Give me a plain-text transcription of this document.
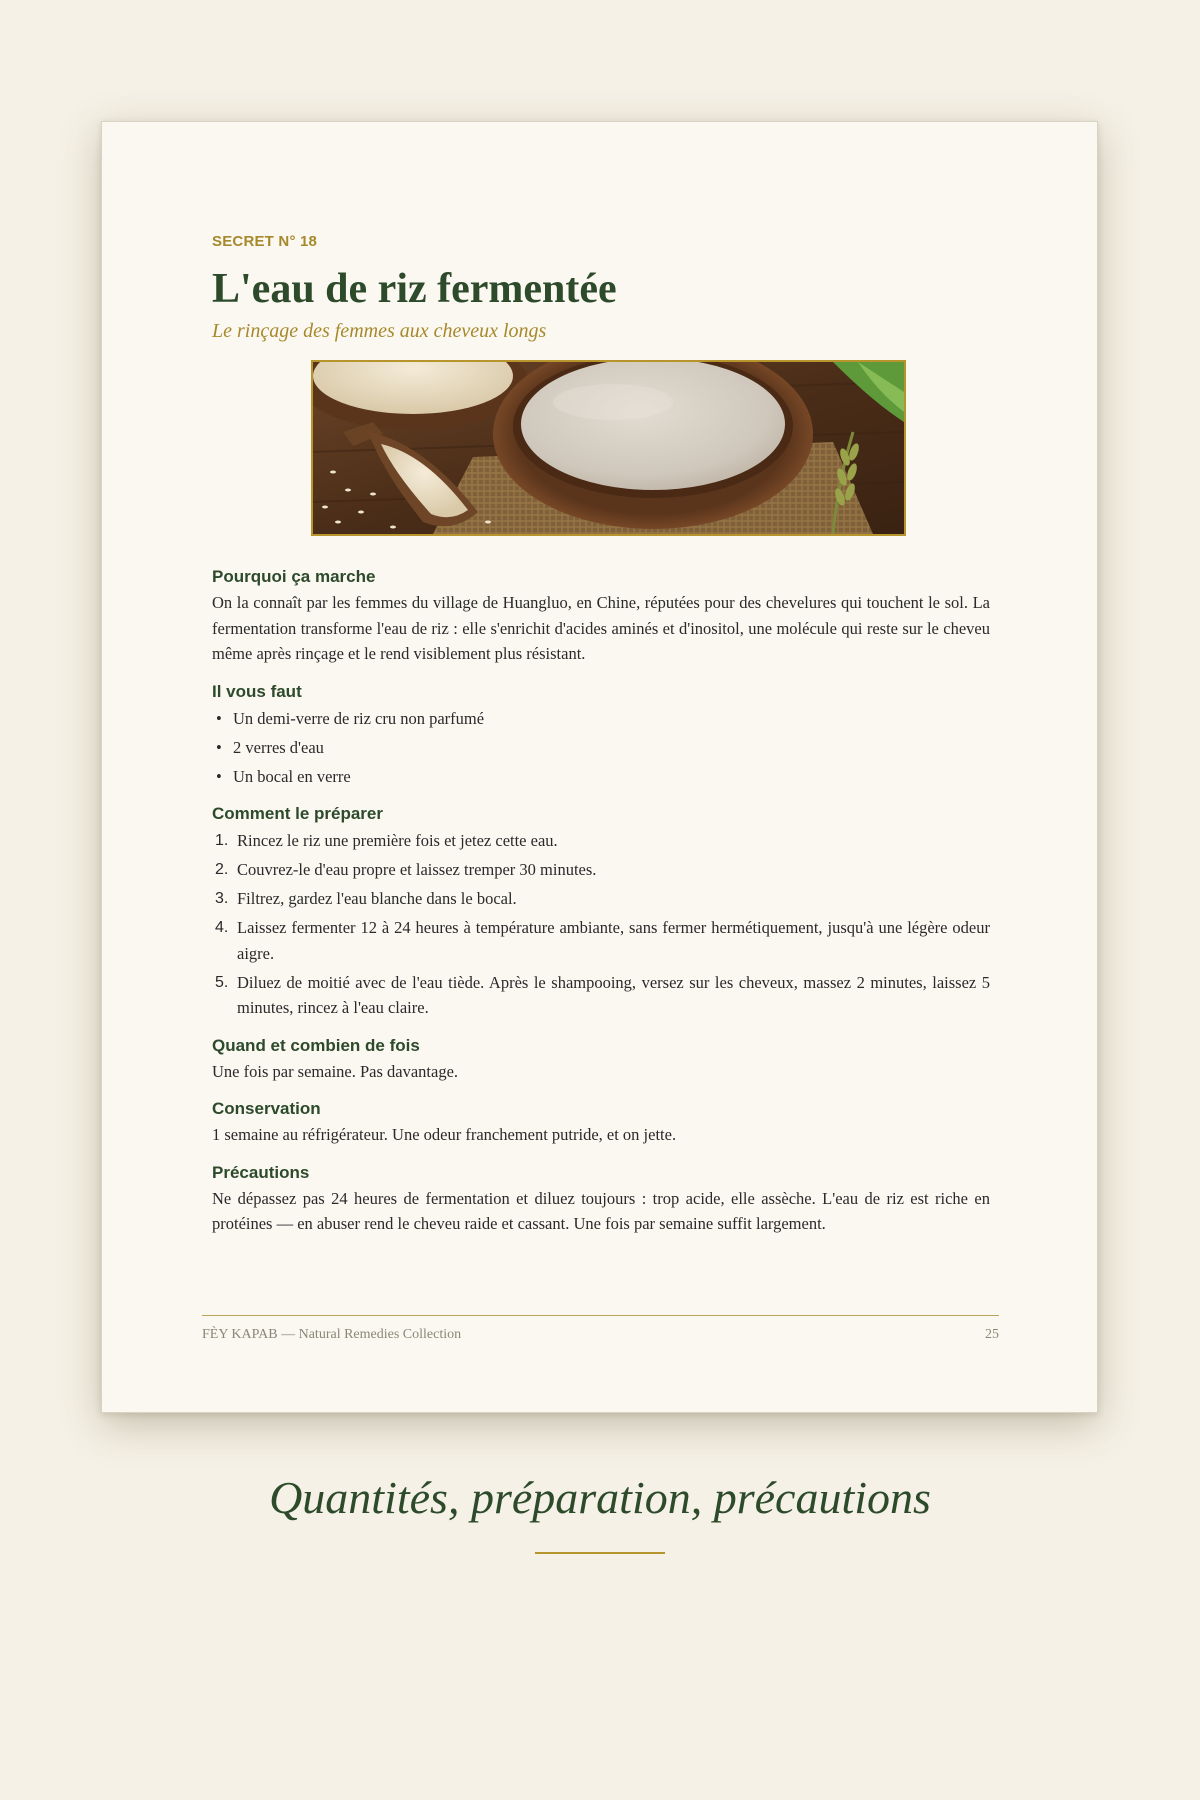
SECRET N° 18

L'eau de riz fermentée

Le rinçage des femmes aux cheveux longs

Pourquoi ça marche

On la connaît par les femmes du village de Huangluo, en Chine, réputées pour des chevelures qui touchent le sol. La fermentation transforme l'eau de riz : elle s'enrichit d'acides aminés et d'inositol, une molécule qui reste sur le cheveu même après rinçage et le rend visiblement plus résistant.

Il vous faut
• Un demi-verre de riz cru non parfumé
• 2 verres d'eau
• Un bocal en verre
Comment le préparer
1. Rincez le riz une première fois et jetez cette eau.
2. Couvrez-le d'eau propre et laissez tremper 30 minutes.
3. Filtrez, gardez l'eau blanche dans le bocal.
4. Laissez fermenter 12 à 24 heures à température ambiante, sans fermer hermétiquement, jusqu'à une légère odeur aigre.
5. Diluez de moitié avec de l'eau tiède. Après le shampooing, versez sur les cheveux, massez 2 minutes, laissez 5 minutes, rincez à l'eau claire.
Quand et combien de fois

Une fois par semaine. Pas davantage.

Conservation

1 semaine au réfrigérateur. Une odeur franchement putride, et on jette.

Précautions

Ne dépassez pas 24 heures de fermentation et diluez toujours : trop acide, elle assèche. L'eau de riz est riche en protéines — en abuser rend le cheveu raide et cassant. Une fois par semaine suffit largement.

FÈY KAPAB — Natural Remedies Collection	25
Quantités, préparation, précautions
